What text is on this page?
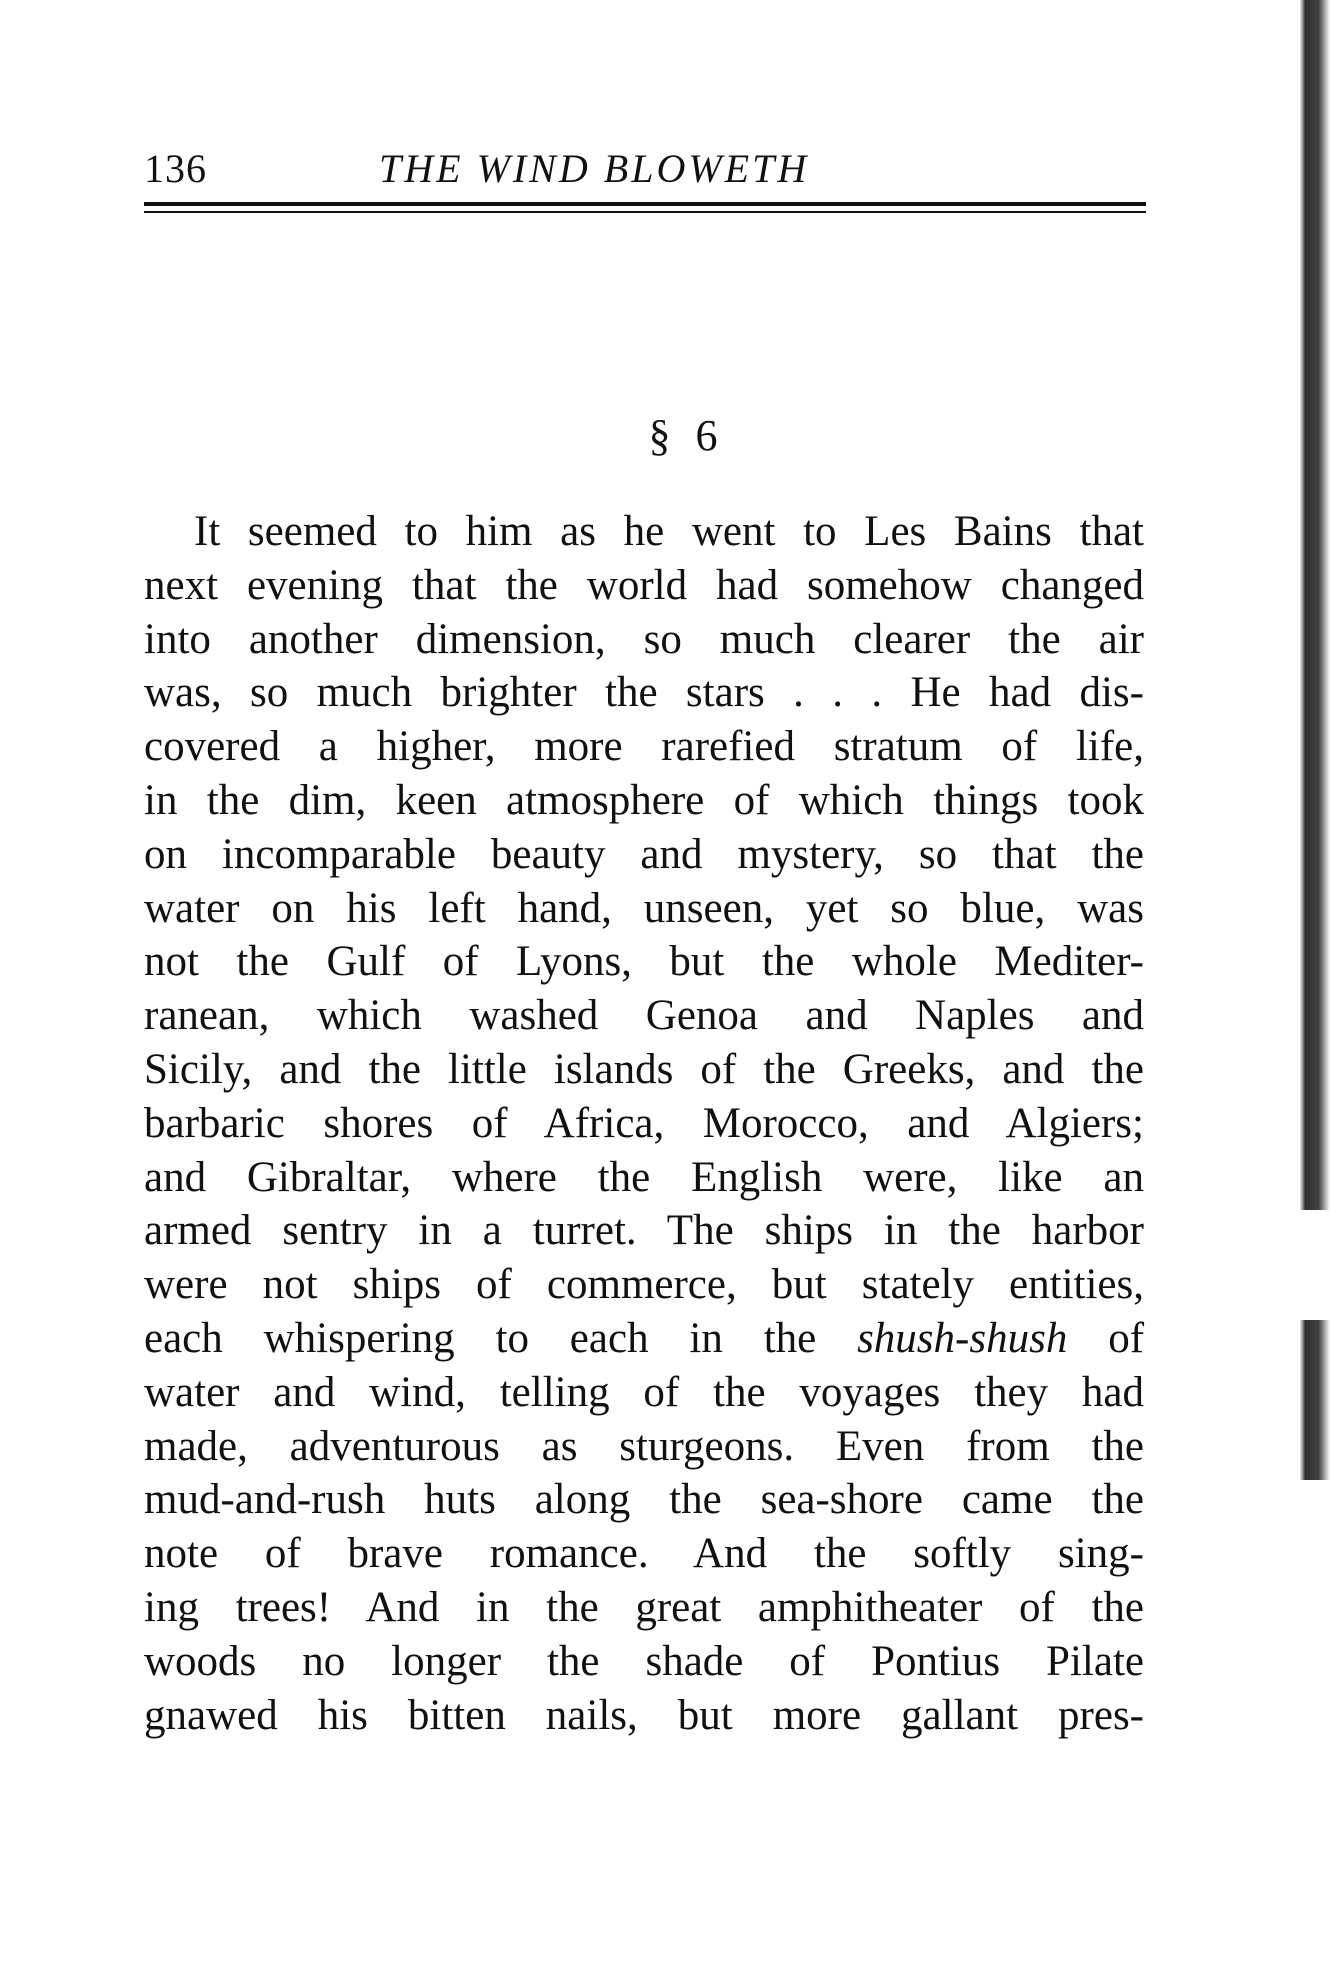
136	THE WIND BLOWETH
§ 6
It seemed to him as he went to Les Bains that
next evening that the world had somehow changed
into another dimension, so much clearer the air
was, so much brighter the stars . . . He had dis-
covered a higher, more rarefied stratum of life,
in the dim, keen atmosphere of which things took
on incomparable beauty and mystery, so that the
water on his left hand, unseen, yet so blue, was
not the Gulf of Lyons, but the whole Mediter-
ranean, which washed Genoa and Naples and
Sicily, and the little islands of the Greeks, and the
barbaric shores of Africa, Morocco, and Algiers;
and Gibraltar, where the English were, like an
armed sentry in a turret. The ships in the harbor
were not ships of commerce, but stately entities,
each whispering to each in the shush-shush of
water and wind, telling of the voyages they had
made, adventurous as sturgeons. Even from the
mud-and-rush huts along the sea-shore came the
note of brave romance. And the softly sing-
ing trees! And in the great amphitheater of the
woods no longer the shade of Pontius Pilate
gnawed his bitten nails, but more gallant pres-
